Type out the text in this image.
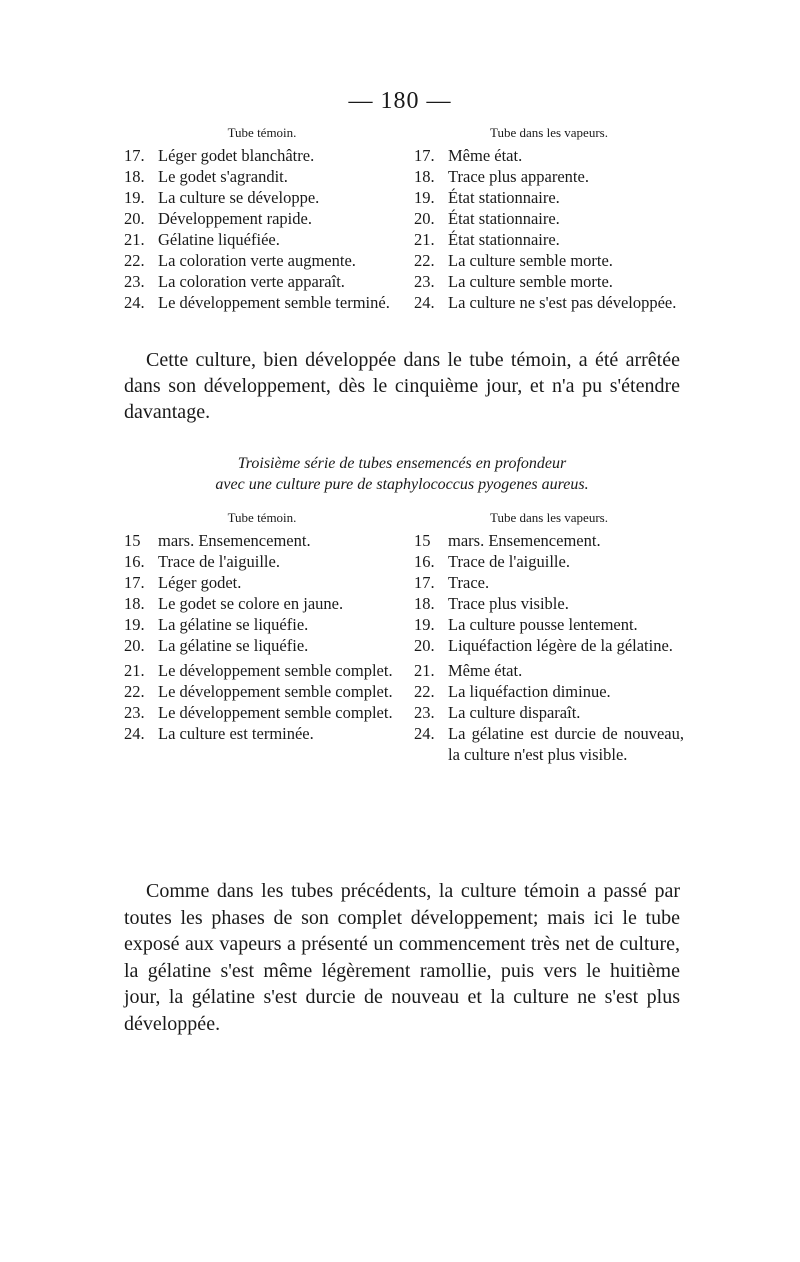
— 180 —
Tube témoin.	Tube dans les vapeurs.
17. Léger godet blanchâtre.	17. Même état.
18. Le godet s'agrandit.	18. Trace plus apparente.
19. La culture se développe.	19. État stationnaire.
20. Développement rapide.	20. État stationnaire.
21. Gélatine liquéfiée.	21. État stationnaire.
22. La coloration verte augmente.	22. La culture semble morte.
23. La coloration verte apparaît.	23. La culture semble morte.
24. Le développement semble terminé.	24. La culture ne s'est pas développée.

Cette culture, bien développée dans le tube témoin, a été arrêtée dans son développement, dès le cinquième jour, et n'a pu s'étendre davantage.

Troisième série de tubes ensemencés en profondeur
avec une culture pure de staphylococcus pyogenes aureus.
Tube témoin.	Tube dans les vapeurs.
15	mars. Ensemencement.	15	mars. Ensemencement.
16. Trace de l'aiguille.	16. Trace de l'aiguille.
17. Léger godet.	17. Trace.
18. Le godet se colore en jaune.	18. Trace plus visible.
19. La gélatine se liquéfie.	19. La culture pousse lentement.
20. La gélatine se liquéfie.	20. Liquéfaction légère de la gélatine.
21. Le développement semble complet.	21. Même état.
22. Le développement semble complet.	22. La liquéfaction diminue.
23. Le développement semble complet.	23. La culture disparaît.
24. La culture est terminée.	24. La gélatine est durcie de nouveau, la culture n'est plus visible.

Comme dans les tubes précédents, la culture témoin a passé par toutes les phases de son complet développement; mais ici le tube exposé aux vapeurs a présenté un commencement très net de culture, la gélatine s'est même légèrement ramollie, puis vers le huitième jour, la gélatine s'est durcie de nouveau et la culture ne s'est plus développée.
